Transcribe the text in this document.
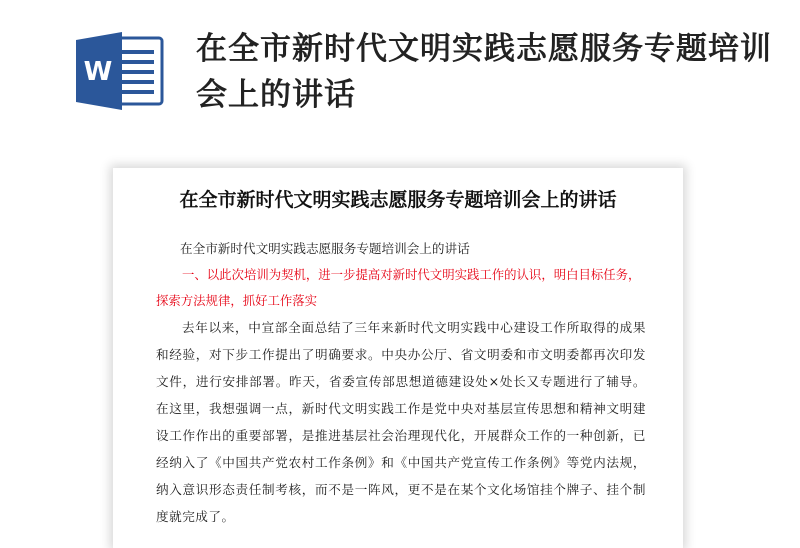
W
在全市新时代文明实践志愿服务专题培训会上的讲话
在全市新时代文明实践志愿服务专题培训会上的讲话

在全市新时代文明实践志愿服务专题培训会上的讲话

一、以此次培训为契机，进一步提高对新时代文明实践工作的认识，明白目标任务，探索方法规律，抓好工作落实

去年以来，中宣部全面总结了三年来新时代文明实践中心建设工作所取得的成果和经验，对下步工作提出了明确要求。中央办公厅、省文明委和市文明委都再次印发文件，进行安排部署。昨天，省委宣传部思想道德建设处×处长又专题进行了辅导。在这里，我想强调一点，新时代文明实践工作是党中央对基层宣传思想和精神文明建设工作作出的重要部署，是推进基层社会治理现代化，开展群众工作的一种创新，已经纳入了《中国共产党农村工作条例》和《中国共产党宣传工作条例》等党内法规，纳入意识形态责任制考核，而不是一阵风，更不是在某个文化场馆挂个牌子、挂个制度就完成了。
